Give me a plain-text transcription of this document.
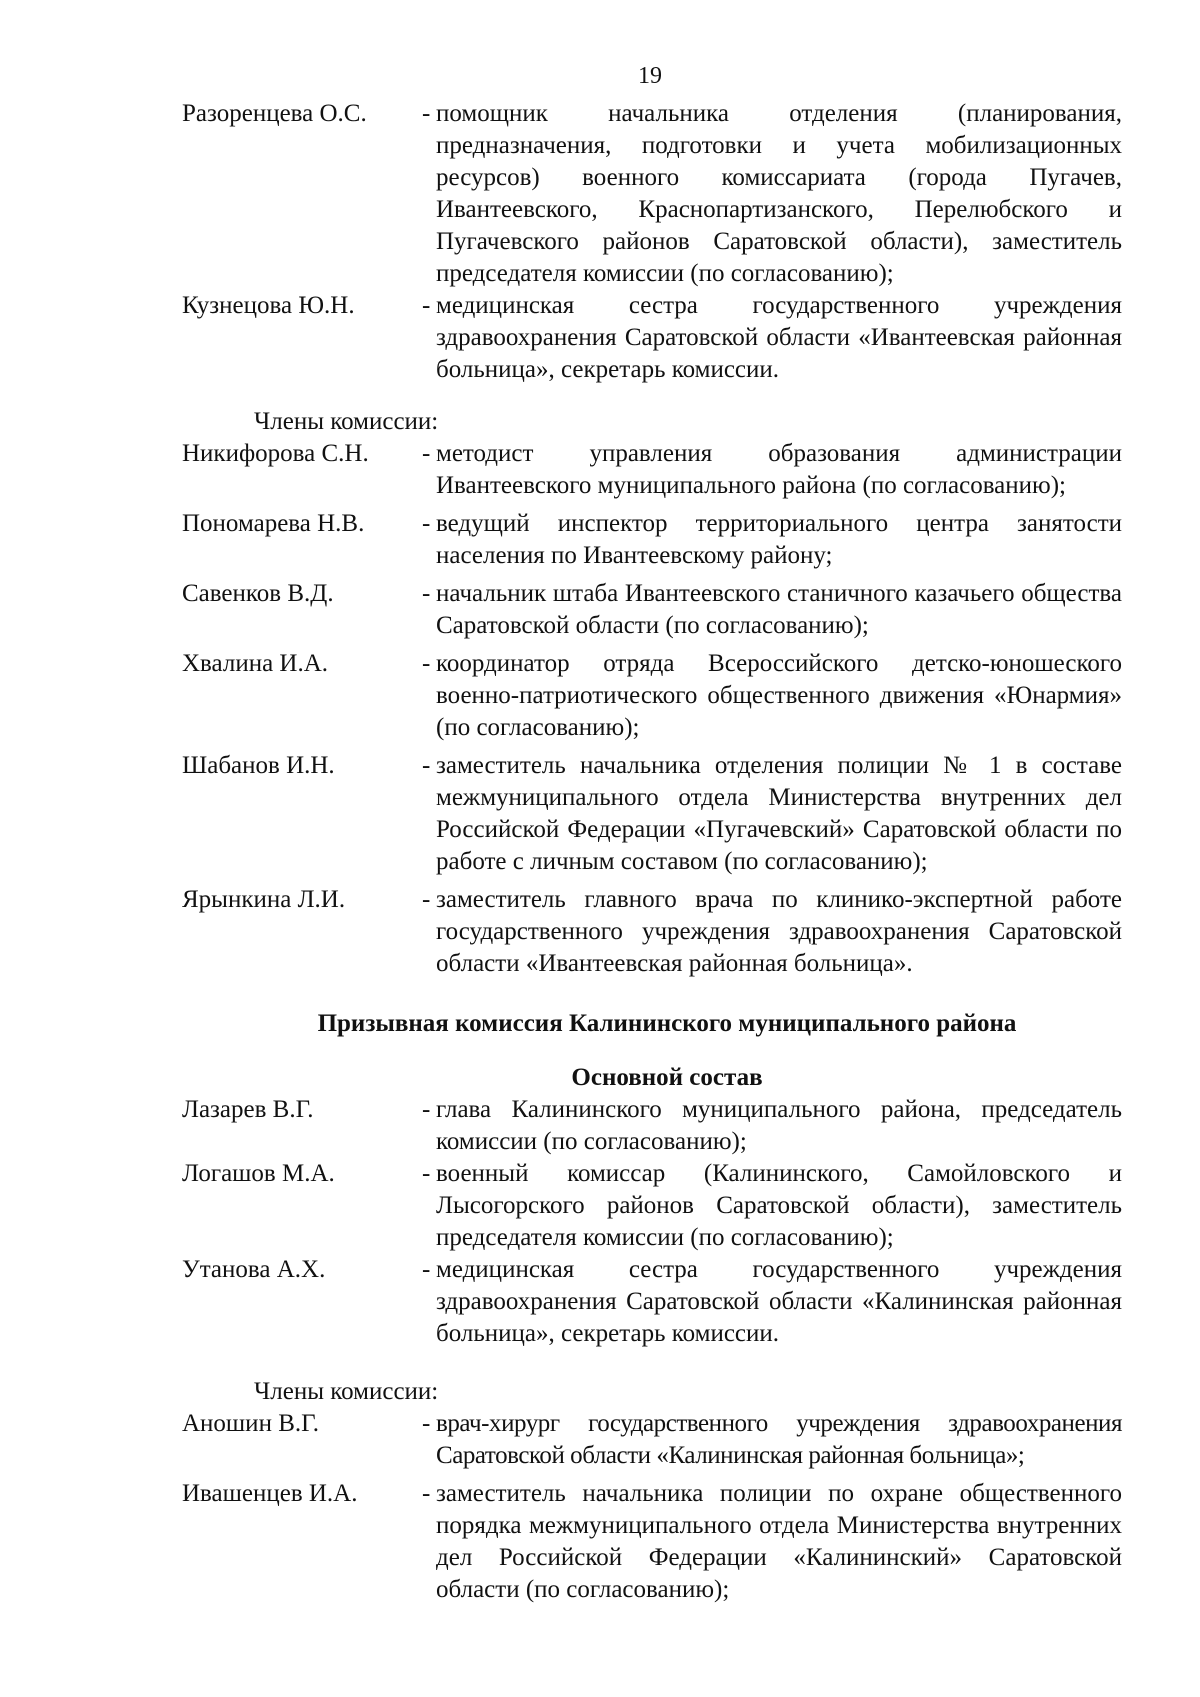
19
Разоренцева О.С.	- помощник начальника отделения (планирования, предназначения, подготовки и учета мобилизационных ресурсов) военного комиссариата (города Пугачев, Ивантеевского, Краснопартизанского, Перелюбского и Пугачевского районов Саратовской области), заместитель председателя комиссии (по согласованию);
Кузнецова Ю.Н.	- медицинская сестра государственного учреждения здравоохранения Саратовской области «Ивантеевская районная больница», секретарь комиссии.
Члены комиссии:
Никифорова С.Н.	- методист управления образования администрации Ивантеевского муниципального района (по согласованию);
Пономарева Н.В.	- ведущий инспектор территориального центра занятости населения по Ивантеевскому району;
Савенков В.Д.	- начальник штаба Ивантеевского станичного казачьего общества Саратовской области (по согласованию);
Хвалина И.А.	- координатор отряда Всероссийского детско-юношеского военно-патриотического общественного движения «Юнармия» (по согласованию);
Шабанов И.Н.	- заместитель начальника отделения полиции № 1 в составе межмуниципального отдела Министерства внутренних дел Российской Федерации «Пугачевский» Саратовской области по работе с личным составом (по согласованию);
Ярынкина Л.И.	- заместитель главного врача по клинико-экспертной работе государственного учреждения здравоохранения Саратовской области «Ивантеевская районная больница».
Призывная комиссия Калининского муниципального района
Основной состав
Лазарев В.Г.	- глава Калининского муниципального района, председатель комиссии (по согласованию);
Логашов М.А.	- военный комиссар (Калининского, Самойловского и Лысогорского районов Саратовской области), заместитель председателя комиссии (по согласованию);
Утанова А.Х.	- медицинская сестра государственного учреждения здравоохранения Саратовской области «Калининская районная больница», секретарь комиссии.
Члены комиссии:
Аношин В.Г.	- врач-хирург государственного учреждения здравоохранения Саратовской области «Калининская районная больница»;
Ивашенцев И.А.	- заместитель начальника полиции по охране общественного порядка межмуниципального отдела Министерства внутренних дел Российской Федерации «Калининский» Саратовской области (по согласованию);
